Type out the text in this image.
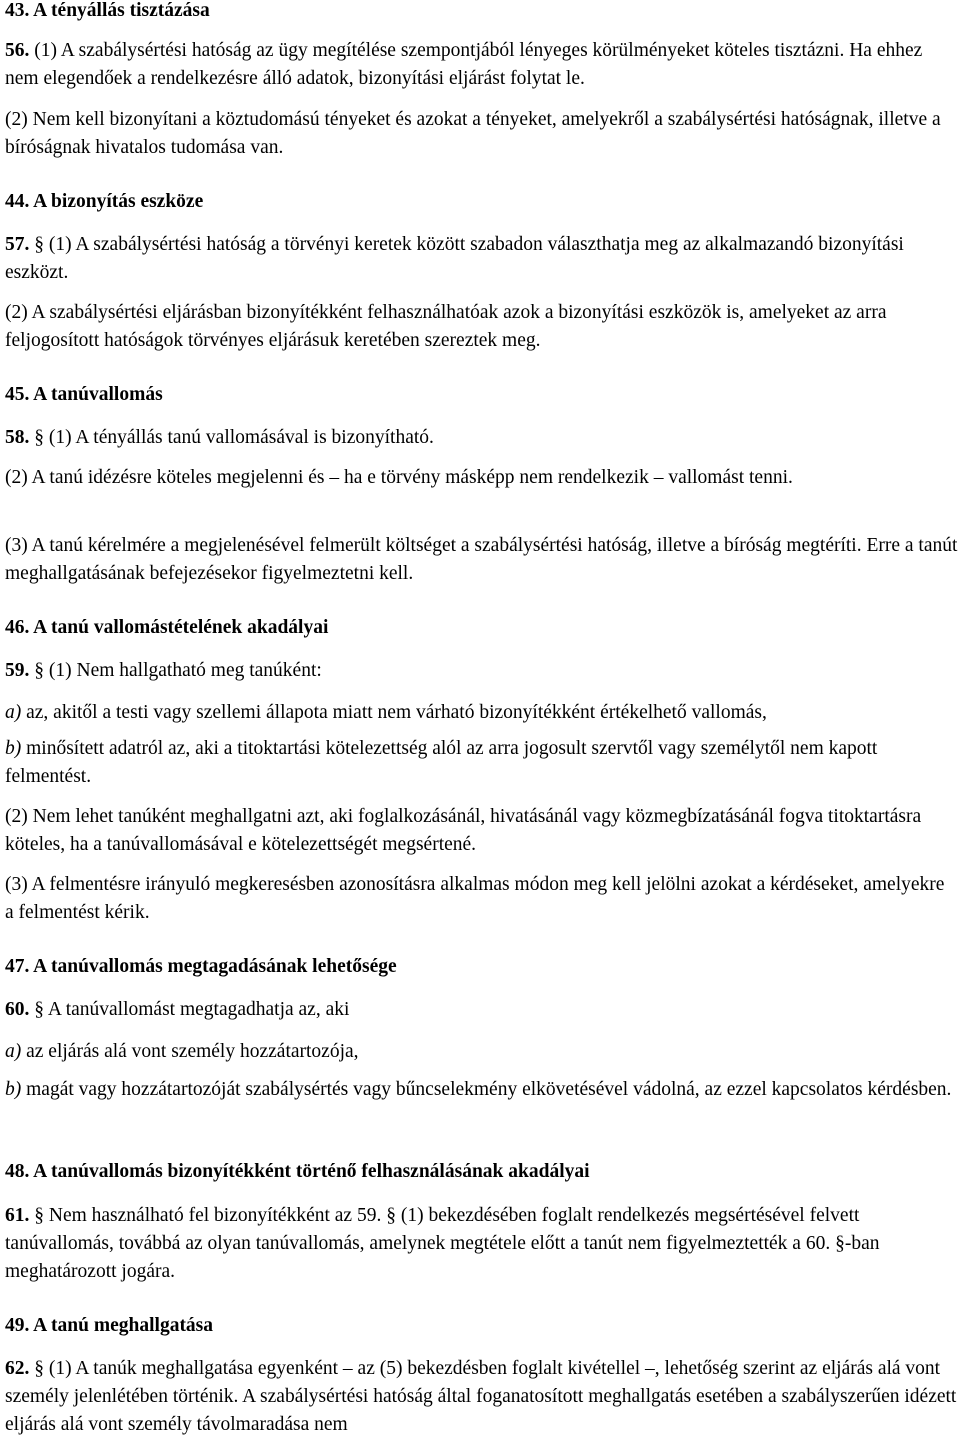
43. A tényállás tisztázása

56. (1) A szabálysértési hatóság az ügy megítélése szempontjából lényeges körülményeket köteles tisztázni. Ha ehhez nem elegendőek a rendelkezésre álló adatok, bizonyítási eljárást folytat le.

(2) Nem kell bizonyítani a köztudomású tényeket és azokat a tényeket, amelyekről a szabálysértési hatóságnak, illetve a bíróságnak hivatalos tudomása van.

44. A bizonyítás eszköze

57. § (1) A szabálysértési hatóság a törvényi keretek között szabadon választhatja meg az alkalmazandó bizonyítási eszközt.

(2) A szabálysértési eljárásban bizonyítékként felhasználhatóak azok a bizonyítási eszközök is, amelyeket az arra feljogosított hatóságok törvényes eljárásuk keretében szereztek meg.

45. A tanúvallomás

58. § (1) A tényállás tanú vallomásával is bizonyítható.

(2) A tanú idézésre köteles megjelenni és – ha e törvény másképp nem rendelkezik – vallomást tenni.

(3) A tanú kérelmére a megjelenésével felmerült költséget a szabálysértési hatóság, illetve a bíróság megtéríti. Erre a tanút meghallgatásának befejezésekor figyelmeztetni kell.

46. A tanú vallomástételének akadályai

59. § (1) Nem hallgatható meg tanúként:

a) az, akitől a testi vagy szellemi állapota miatt nem várható bizonyítékként értékelhető vallomás,

b) minősített adatról az, aki a titoktartási kötelezettség alól az arra jogosult szervtől vagy személytől nem kapott felmentést.

(2) Nem lehet tanúként meghallgatni azt, aki foglalkozásánál, hivatásánál vagy közmegbízatásánál fogva titoktartásra köteles, ha a tanúvallomásával e kötelezettségét megsértené.

(3) A felmentésre irányuló megkeresésben azonosításra alkalmas módon meg kell jelölni azokat a kérdéseket, amelyekre a felmentést kérik.

47. A tanúvallomás megtagadásának lehetősége

60. § A tanúvallomást megtagadhatja az, aki

a) az eljárás alá vont személy hozzátartozója,

b) magát vagy hozzátartozóját szabálysértés vagy bűncselekmény elkövetésével vádolná, az ezzel kapcsolatos kérdésben.

48. A tanúvallomás bizonyítékként történő felhasználásának akadályai

61. § Nem használható fel bizonyítékként az 59. § (1) bekezdésében foglalt rendelkezés megsértésével felvett tanúvallomás, továbbá az olyan tanúvallomás, amelynek megtétele előtt a tanút nem figyelmeztették a 60. §-ban meghatározott jogára.

49. A tanú meghallgatása

62. § (1) A tanúk meghallgatása egyenként – az (5) bekezdésben foglalt kivétellel –, lehetőség szerint az eljárás alá vont személy jelenlétében történik. A szabálysértési hatóság által foganatosított meghallgatás esetében a szabályszerűen idézett eljárás alá vont személy távolmaradása nem
